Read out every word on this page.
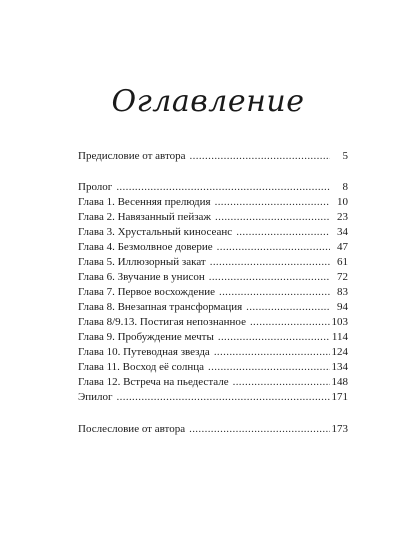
Оглавление
Предисловие от автора . . .	5
Пролог . . .	8
Глава 1. Весенняя прелюдия . . .	10
Глава 2. Навязанный пейзаж . . .	23
Глава 3. Хрустальный киносеанс . . .	34
Глава 4. Безмолвное доверие . . .	47
Глава 5. Иллюзорный закат . . .	61
Глава 6. Звучание в унисон . . .	72
Глава 7. Первое восхождение . . .	83
Глава 8. Внезапная трансформация . . .	94
Глава 8/9.13. Постигая непознанное . . .	103
Глава 9. Пробуждение мечты . . .	114
Глава 10. Путеводная звезда . . .	124
Глава 11. Восход её солнца . . .	134
Глава 12. Встреча на пьедестале . . .	148
Эпилог . . .	171
Послесловие от автора . . .	173
